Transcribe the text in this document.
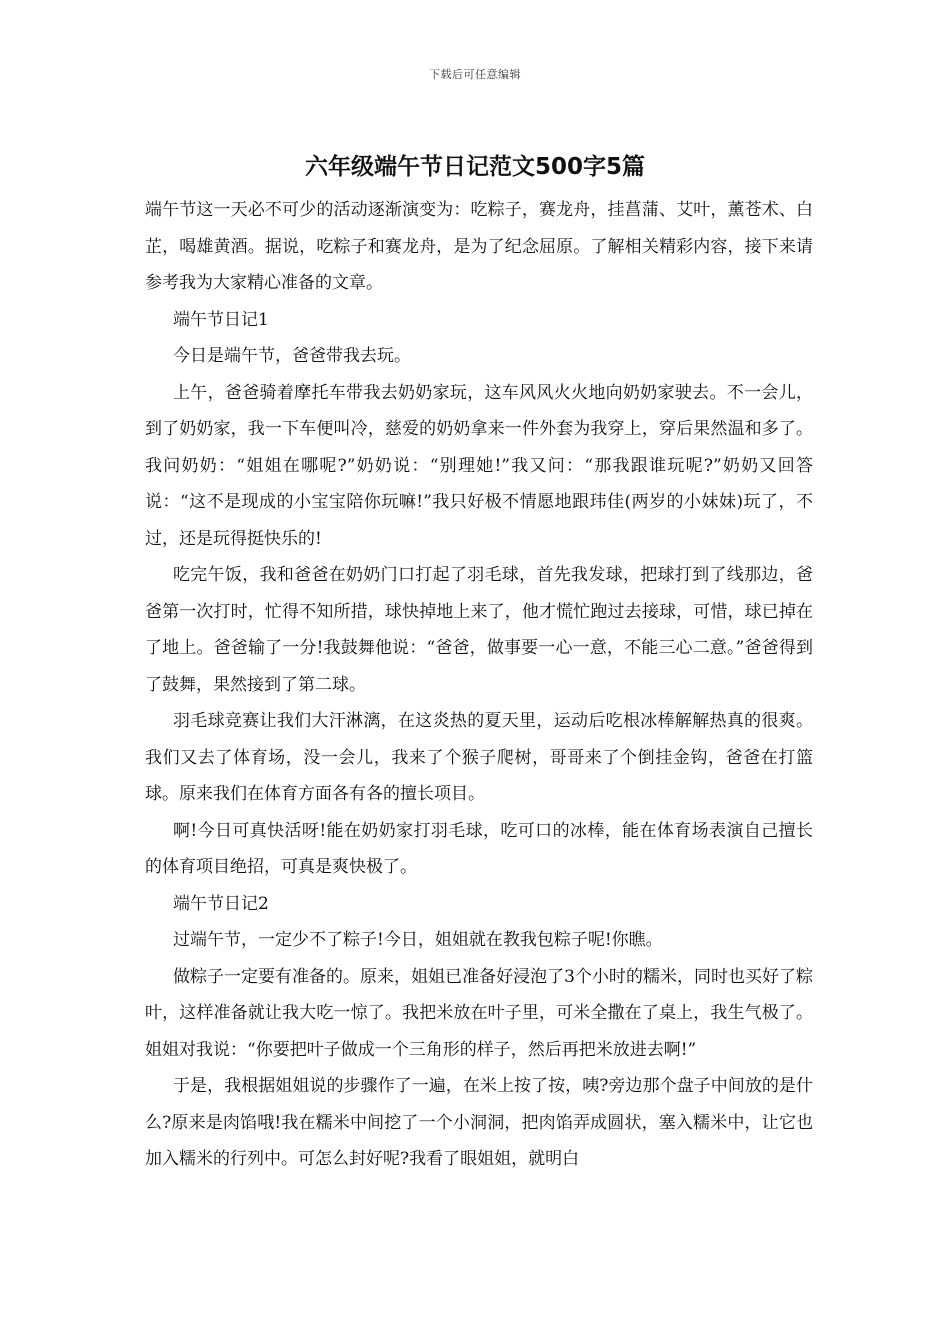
下载后可任意编辑
六年级端午节日记范文500字5篇

端午节这一天必不可少的活动逐渐演变为：吃粽子，赛龙舟，挂菖蒲、艾叶，薰苍术、白芷，喝雄黄酒。据说，吃粽子和赛龙舟，是为了纪念屈原。了解相关精彩内容，接下来请参考我为大家精心准备的文章。

端午节日记1

今日是端午节，爸爸带我去玩。

上午，爸爸骑着摩托车带我去奶奶家玩，这车风风火火地向奶奶家驶去。不一会儿，到了奶奶家，我一下车便叫冷，慈爱的奶奶拿来一件外套为我穿上，穿后果然温和多了。我问奶奶：“姐姐在哪呢?”奶奶说：“别理她!”我又问：“那我跟谁玩呢?”奶奶又回答说：“这不是现成的小宝宝陪你玩嘛!”我只好极不情愿地跟玮佳(两岁的小妹妹)玩了，不过，还是玩得挺快乐的!

吃完午饭，我和爸爸在奶奶门口打起了羽毛球，首先我发球，把球打到了线那边，爸爸第一次打时，忙得不知所措，球快掉地上来了，他才慌忙跑过去接球，可惜，球已掉在了地上。爸爸输了一分!我鼓舞他说：“爸爸，做事要一心一意，不能三心二意。”爸爸得到了鼓舞，果然接到了第二球。

羽毛球竞赛让我们大汗淋漓，在这炎热的夏天里，运动后吃根冰棒解解热真的很爽。我们又去了体育场，没一会儿，我来了个猴子爬树，哥哥来了个倒挂金钩，爸爸在打篮球。原来我们在体育方面各有各的擅长项目。

啊!今日可真快活呀!能在奶奶家打羽毛球，吃可口的冰棒，能在体育场表演自己擅长的体育项目绝招，可真是爽快极了。

端午节日记2

过端午节，一定少不了粽子!今日，姐姐就在教我包粽子呢!你瞧。

做粽子一定要有准备的。原来，姐姐已准备好浸泡了3个小时的糯米，同时也买好了粽叶，这样准备就让我大吃一惊了。我把米放在叶子里，可米全撒在了桌上，我生气极了。姐姐对我说：“你要把叶子做成一个三角形的样子，然后再把米放进去啊!”

于是，我根据姐姐说的步骤作了一遍，在米上按了按，咦?旁边那个盘子中间放的是什么?原来是肉馅哦!我在糯米中间挖了一个小洞洞，把肉馅弄成圆状，塞入糯米中，让它也加入糯米的行列中。可怎么封好呢?我看了眼姐姐，就明白
